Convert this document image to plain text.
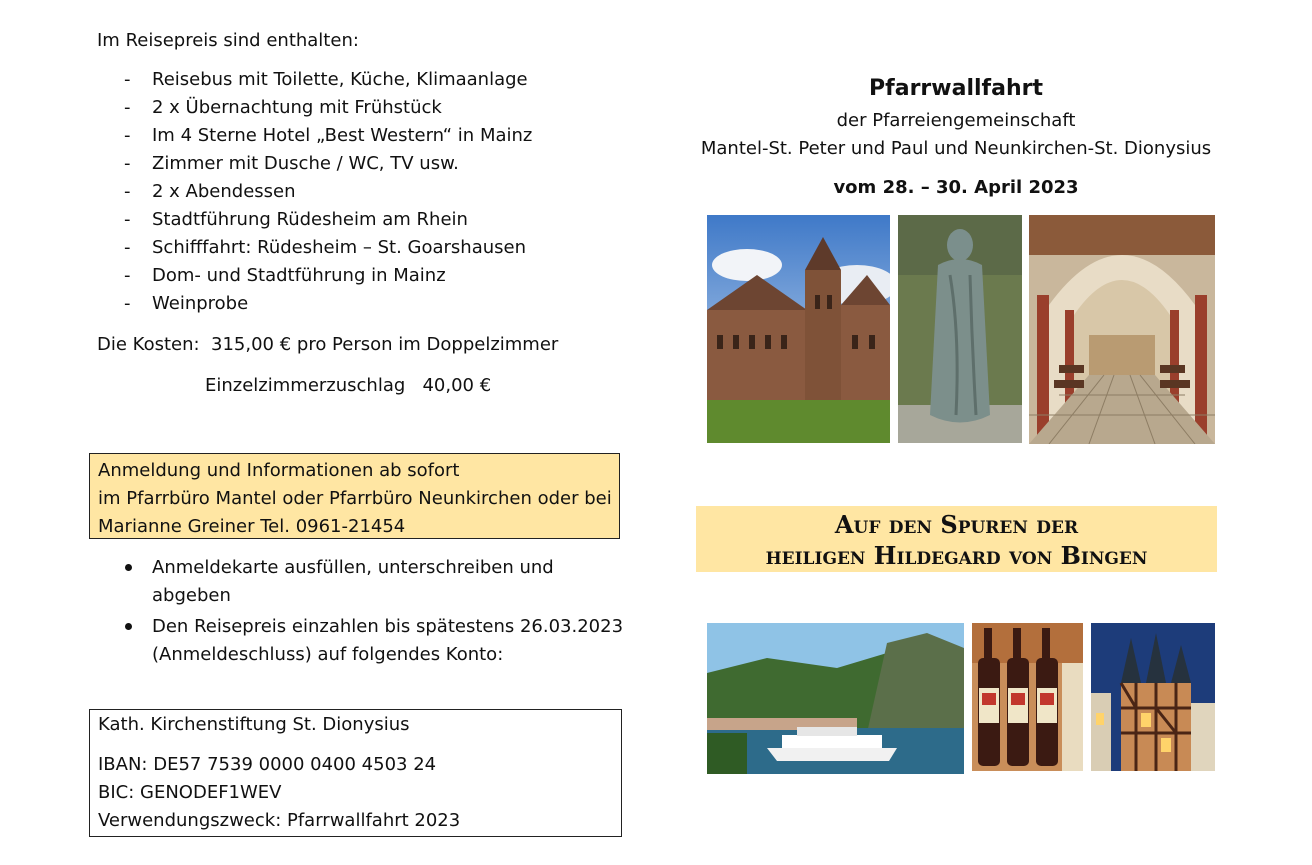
Im Reisepreis sind enthalten:
- Reisebus mit Toilette, Küche, Klimaanlage
- 2 x Übernachtung mit Frühstück
- Im 4 Sterne Hotel „Best Western“ in Mainz
- Zimmer mit Dusche / WC, TV usw.
- 2 x Abendessen
- Stadtführung Rüdesheim am Rhein
- Schifffahrt: Rüdesheim – St. Goarshausen
- Dom- und Stadtführung in Mainz
- Weinprobe
Die Kosten: 315,00 € pro Person im Doppelzimmer
Einzelzimmerzuschlag 40,00 €
Anmeldung und Informationen ab sofort
im Pfarrbüro Mantel oder Pfarrbüro Neunkirchen oder bei
Marianne Greiner Tel. 0961-21454
Anmeldekarte ausfüllen, unterschreiben und abgeben
Den Reisepreis einzahlen bis spätestens 26.03.2023 (Anmeldeschluss) auf folgendes Konto:
Kath. Kirchenstiftung St. Dionysius
IBAN: DE57 7539 0000 0400 4503 24
BIC: GENODEF1WEV
Verwendungszweck: Pfarrwallfahrt 2023
Pfarrwallfahrt
der Pfarreiengemeinschaft
Mantel-St. Peter und Paul und Neunkirchen-St. Dionysius
vom 28. – 30. April 2023
Auf den Spuren der
heiligen Hildegard von Bingen
